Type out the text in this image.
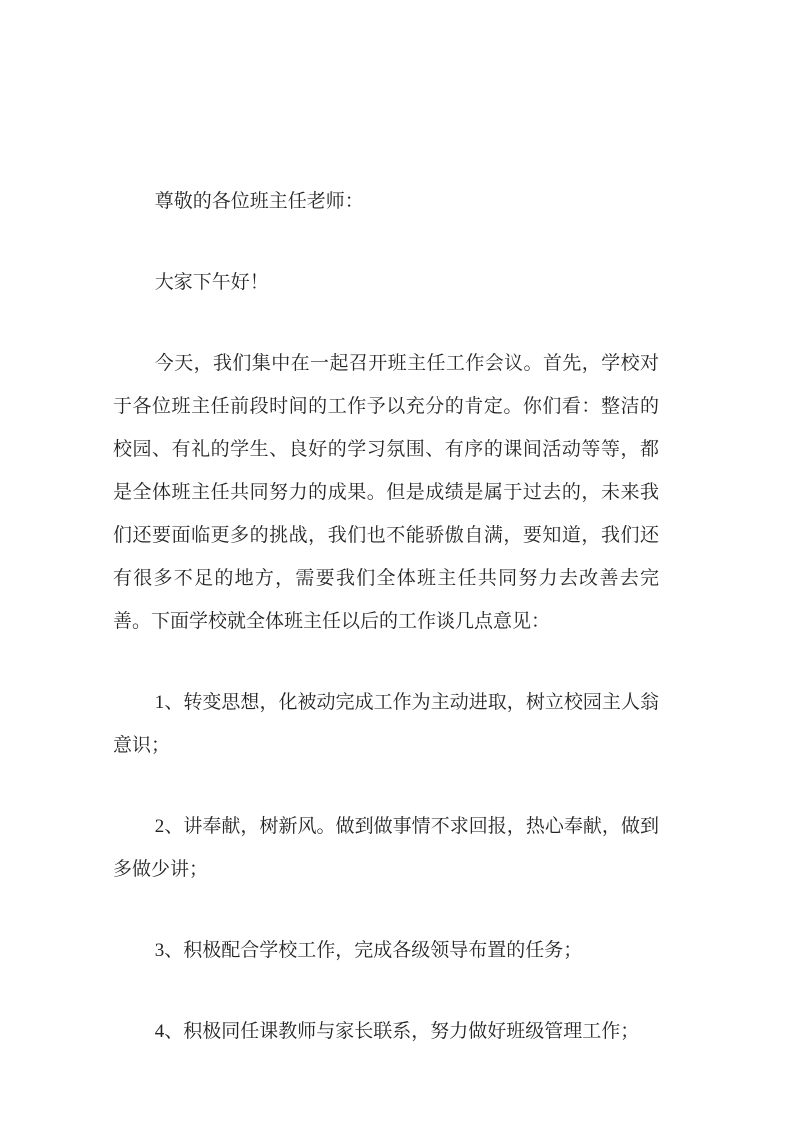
尊敬的各位班主任老师：

大家下午好！

今天，我们集中在一起召开班主任工作会议。首先，学校对于各位班主任前段时间的工作予以充分的肯定。你们看：整洁的校园、有礼的学生、良好的学习氛围、有序的课间活动等等，都是全体班主任共同努力的成果。但是成绩是属于过去的，未来我们还要面临更多的挑战，我们也不能骄傲自满，要知道，我们还有很多不足的地方，需要我们全体班主任共同努力去改善去完善。下面学校就全体班主任以后的工作谈几点意见：

1、转变思想，化被动完成工作为主动进取，树立校园主人翁意识；

2、讲奉献，树新风。做到做事情不求回报，热心奉献，做到多做少讲；

3、积极配合学校工作，完成各级领导布置的任务；

4、积极同任课教师与家长联系，努力做好班级管理工作；
